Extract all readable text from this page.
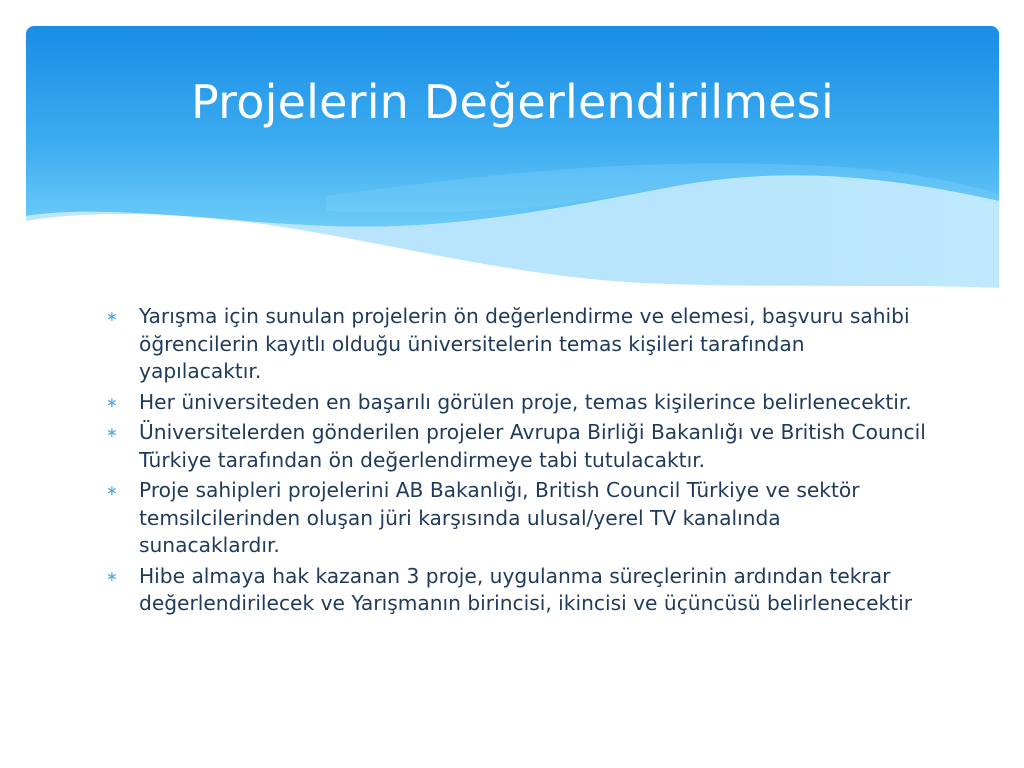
Projelerin Değerlendirilmesi
∗ Yarışma için sunulan projelerin ön değerlendirme ve elemesi, başvuru sahibi öğrencilerin kayıtlı olduğu üniversitelerin temas kişileri tarafından yapılacaktır.
∗ Her üniversiteden en başarılı görülen proje, temas kişilerince belirlenecektir.
∗ Üniversitelerden gönderilen projeler Avrupa Birliği Bakanlığı ve British Council Türkiye tarafından ön değerlendirmeye tabi tutulacaktır.
∗ Proje sahipleri projelerini AB Bakanlığı, British Council Türkiye ve sektör temsilcilerinden oluşan jüri karşısında ulusal/yerel TV kanalında sunacaklardır.
∗ Hibe almaya hak kazanan 3 proje, uygulanma süreçlerinin ardından tekrar değerlendirilecek ve Yarışmanın birincisi, ikincisi ve üçüncüsü belirlenecektir
